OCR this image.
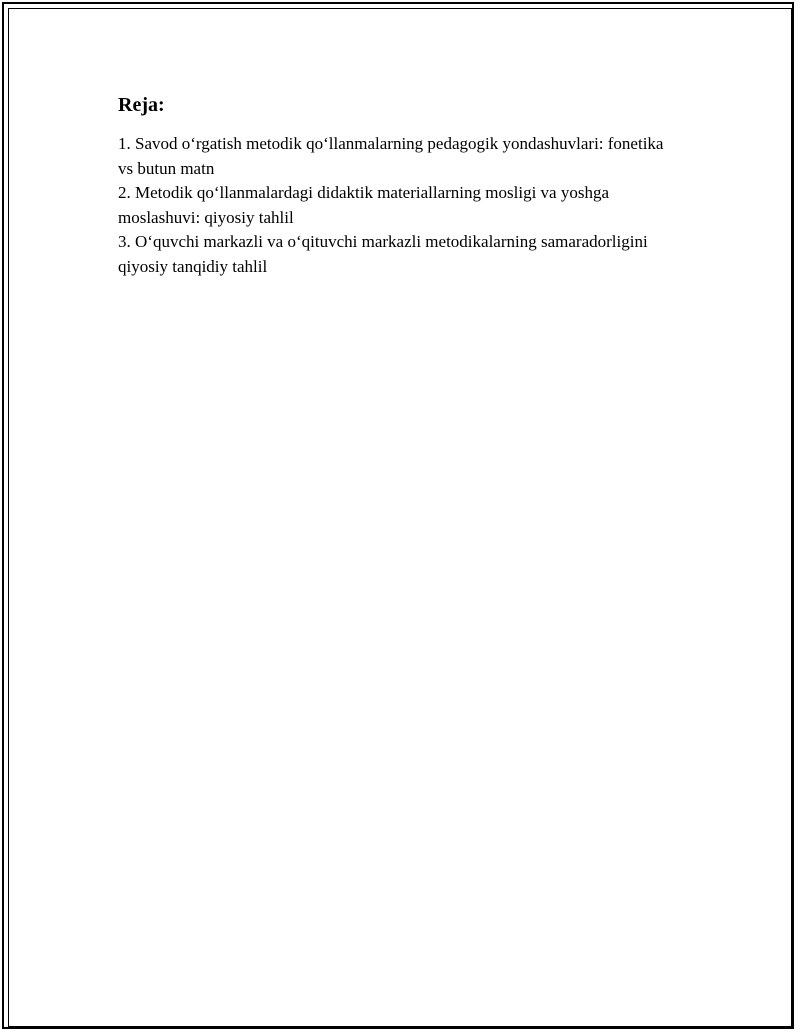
Reja:
1. Savod o‘rgatish metodik qo‘llanmalarning pedagogik yondashuvlari: fonetika vs butun matn
2. Metodik qo‘llanmalardagi didaktik materiallarning mosligi va yoshga moslashuvi: qiyosiy tahlil
3. O‘quvchi markazli va o‘qituvchi markazli metodikalarning samaradorligini qiyosiy tanqidiy tahlil
